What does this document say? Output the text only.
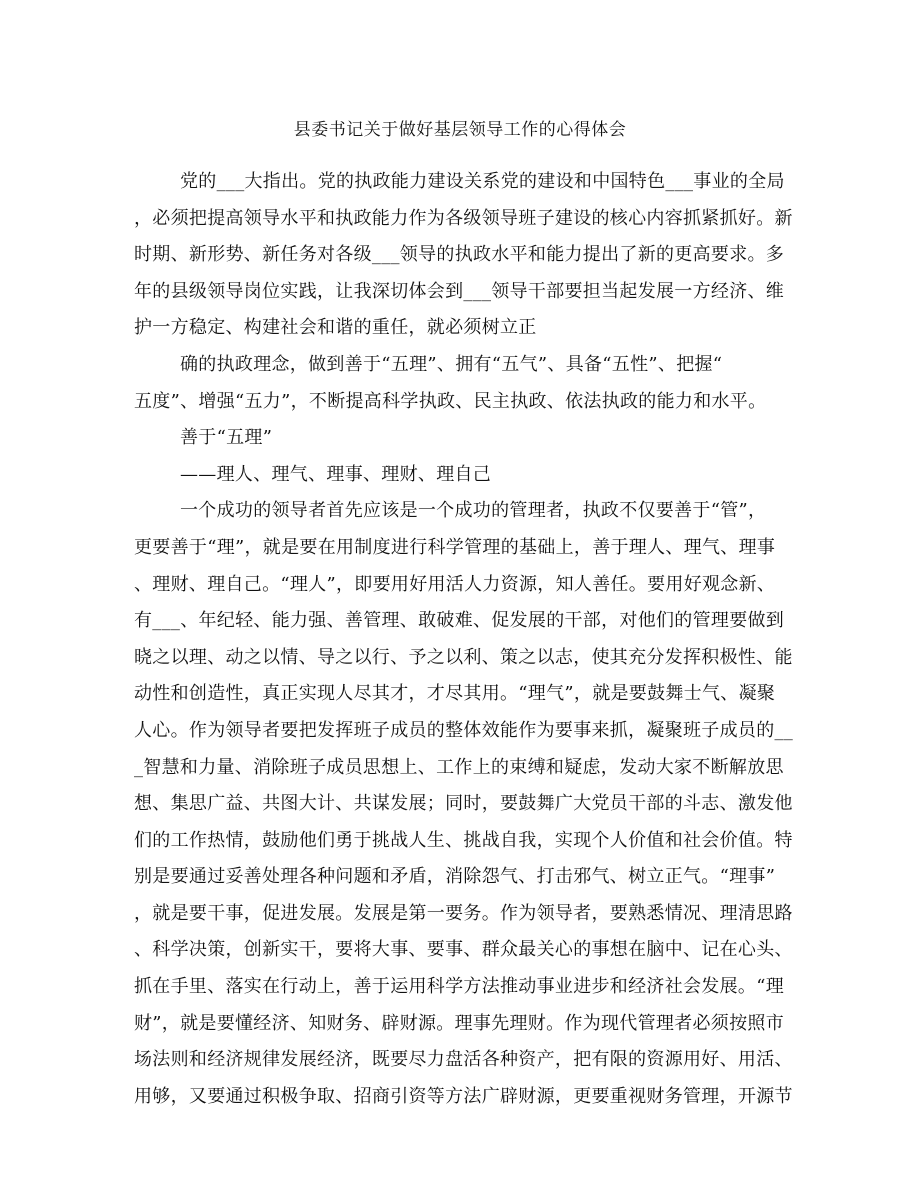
县委书记关于做好基层领导工作的心得体会
党的___大指出。党的执政能力建设关系党的建设和中国特色___事业的全局
，必须把提高领导水平和执政能力作为各级领导班子建设的核心内容抓紧抓好。新
时期、新形势、新任务对各级___领导的执政水平和能力提出了新的更高要求。多
年的县级领导岗位实践，让我深切体会到___领导干部要担当起发展一方经济、维
护一方稳定、构建社会和谐的重任，就必须树立正
确的执政理念，做到善于“五理”、拥有“五气”、具备“五性”、把握“
五度”、增强“五力”，不断提高科学执政、民主执政、依法执政的能力和水平。
善于“五理”
——理人、理气、理事、理财、理自己
一个成功的领导者首先应该是一个成功的管理者，执政不仅要善于“管”，
更要善于“理”，就是要在用制度进行科学管理的基础上，善于理人、理气、理事
、理财、理自己。“理人”，即要用好用活人力资源，知人善任。要用好观念新、
有___、年纪轻、能力强、善管理、敢破难、促发展的干部，对他们的管理要做到
晓之以理、动之以情、导之以行、予之以利、策之以志，使其充分发挥积极性、能
动性和创造性，真正实现人尽其才，才尽其用。“理气”，就是要鼓舞士气、凝聚
人心。作为领导者要把发挥班子成员的整体效能作为要事来抓，凝聚班子成员的__
_智慧和力量、消除班子成员思想上、工作上的束缚和疑虑，发动大家不断解放思
想、集思广益、共图大计、共谋发展；同时，要鼓舞广大党员干部的斗志、激发他
们的工作热情，鼓励他们勇于挑战人生、挑战自我，实现个人价值和社会价值。特
别是要通过妥善处理各种问题和矛盾，消除怨气、打击邪气、树立正气。“理事”
，就是要干事，促进发展。发展是第一要务。作为领导者，要熟悉情况、理清思路
、科学决策，创新实干，要将大事、要事、群众最关心的事想在脑中、记在心头、
抓在手里、落实在行动上，善于运用科学方法推动事业进步和经济社会发展。“理
财”，就是要懂经济、知财务、辟财源。理事先理财。作为现代管理者必须按照市
场法则和经济规律发展经济，既要尽力盘活各种资产，把有限的资源用好、用活、
用够，又要通过积极争取、招商引资等方法广辟财源，更要重视财务管理，开源节
